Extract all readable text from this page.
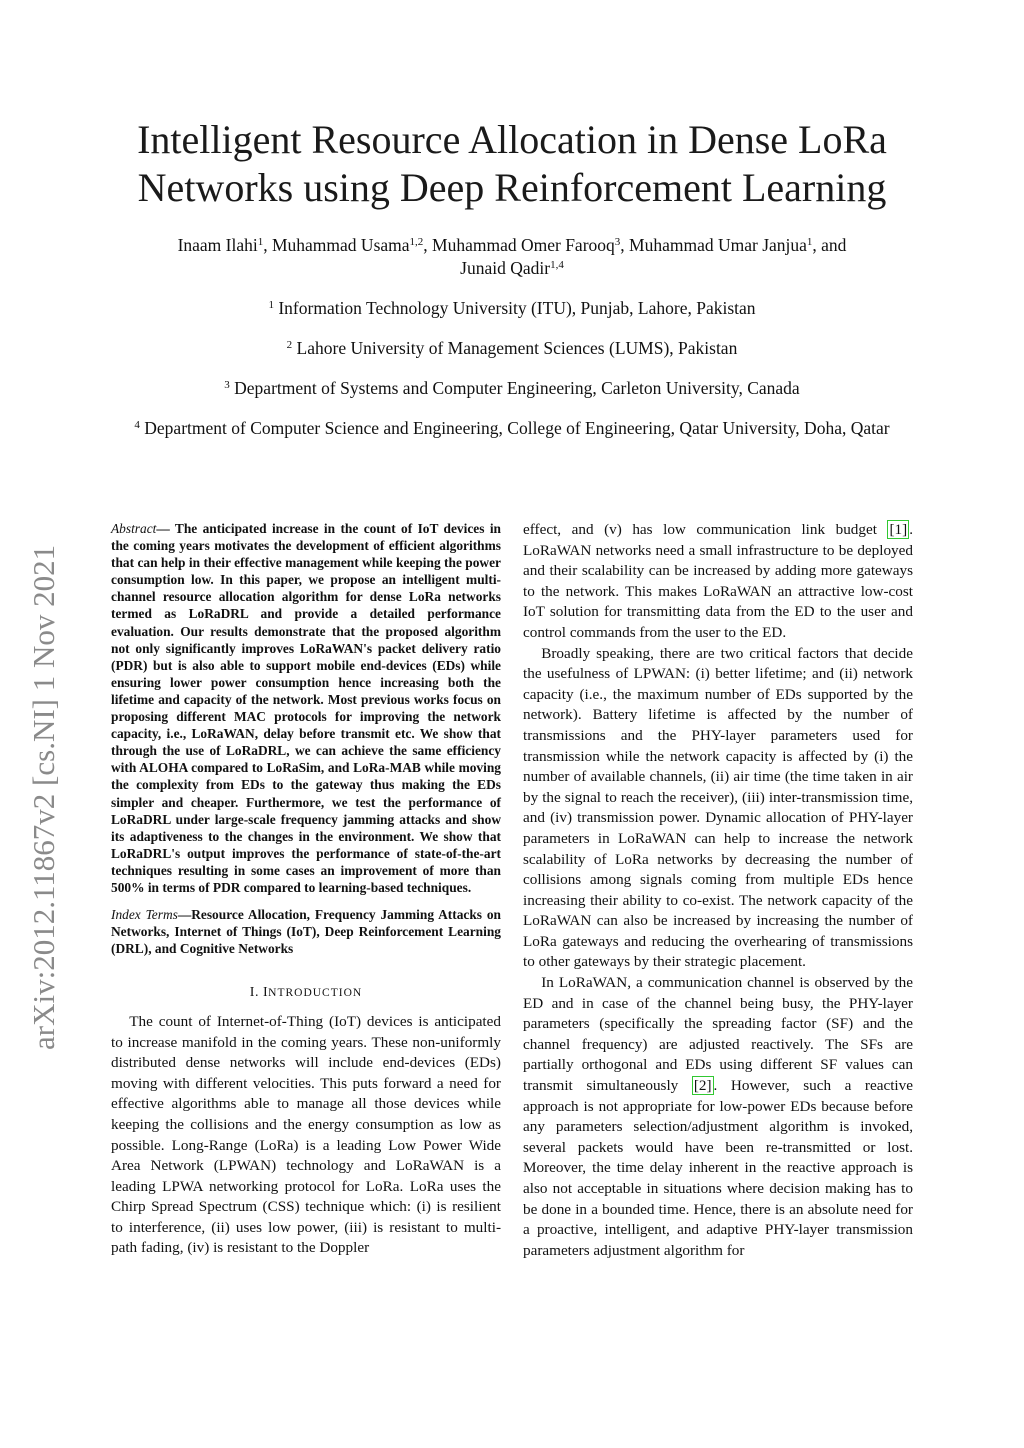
Intelligent Resource Allocation in Dense LoRa
Networks using Deep Reinforcement Learning
Inaam Ilahi$^1$, Muhammad Usama$^{1,2}$, Muhammad Omer Farooq$^3$, Muhammad Umar Janjua$^1$, and
Junaid Qadir$^{1,4}$
$^1$ Information Technology University (ITU), Punjab, Lahore, Pakistan
$^2$ Lahore University of Management Sciences (LUMS), Pakistan
$^3$ Department of Systems and Computer Engineering, Carleton University, Canada
$^4$ Department of Computer Science and Engineering, College of Engineering, Qatar University, Doha, Qatar
arXiv:2012.11867v2 [cs.NI] 1 Nov 2021
Abstract— The anticipated increase in the count of IoT devices in the coming years motivates the development of efficient algorithms that can help in their effective management while keeping the power consumption low. In this paper, we propose an intelligent multi-channel resource allocation algorithm for dense LoRa networks termed as LoRaDRL and provide a detailed performance evaluation. Our results demonstrate that the proposed algorithm not only significantly improves LoRaWAN's packet delivery ratio (PDR) but is also able to support mobile end-devices (EDs) while ensuring lower power consumption hence increasing both the lifetime and capacity of the network. Most previous works focus on proposing different MAC protocols for improving the network capacity, i.e., LoRaWAN, delay before transmit etc. We show that through the use of LoRaDRL, we can achieve the same efficiency with ALOHA compared to LoRaSim, and LoRa-MAB while moving the complexity from EDs to the gateway thus making the EDs simpler and cheaper. Furthermore, we test the performance of LoRaDRL under large-scale frequency jamming attacks and show its adaptiveness to the changes in the environment. We show that LoRaDRL's output improves the performance of state-of-the-art techniques resulting in some cases an improvement of more than 500% in terms of PDR compared to learning-based techniques.
Index Terms—Resource Allocation, Frequency Jamming Attacks on Networks, Internet of Things (IoT), Deep Reinforcement Learning (DRL), and Cognitive Networks
I. INTRODUCTION

The count of Internet-of-Thing (IoT) devices is anticipated to increase manifold in the coming years. These non-uniformly distributed dense networks will include end-devices (EDs) moving with different velocities. This puts forward a need for effective algorithms able to manage all those devices while keeping the collisions and the energy consumption as low as possible. Long-Range (LoRa) is a leading Low Power Wide Area Network (LPWAN) technology and LoRaWAN is a leading LPWA networking protocol for LoRa. LoRa uses the Chirp Spread Spectrum (CSS) technique which: (i) is resilient to interference, (ii) uses low power, (iii) is resistant to multi-path fading, (iv) is resistant to the Doppler

effect, and (v) has low communication link budget [1] . LoRaWAN networks need a small infrastructure to be deployed and their scalability can be increased by adding more gateways to the network. This makes LoRaWAN an attractive low-cost IoT solution for transmitting data from the ED to the user and control commands from the user to the ED.

Broadly speaking, there are two critical factors that decide the usefulness of LPWAN: (i) better lifetime; and (ii) network capacity (i.e., the maximum number of EDs supported by the network). Battery lifetime is affected by the number of transmissions and the PHY-layer parameters used for transmission while the network capacity is affected by (i) the number of available channels, (ii) air time (the time taken in air by the signal to reach the receiver), (iii) inter-transmission time, and (iv) transmission power. Dynamic allocation of PHY-layer parameters in LoRaWAN can help to increase the network scalability of LoRa networks by decreasing the number of collisions among signals coming from multiple EDs hence increasing their ability to co-exist. The network capacity of the LoRaWAN can also be increased by increasing the number of LoRa gateways and reducing the overhearing of transmissions to other gateways by their strategic placement.

In LoRaWAN, a communication channel is observed by the ED and in case of the channel being busy, the PHY-layer parameters (specifically the spreading factor (SF) and the channel frequency) are adjusted reactively. The SFs are partially orthogonal and EDs using different SF values can transmit simultaneously [2] . However, such a reactive approach is not appropriate for low-power EDs because before any parameters selection/adjustment algorithm is invoked, several packets would have been re-transmitted or lost. Moreover, the time delay inherent in the reactive approach is also not acceptable in situations where decision making has to be done in a bounded time. Hence, there is an absolute need for a proactive, intelligent, and adaptive PHY-layer transmission parameters adjustment algorithm for
